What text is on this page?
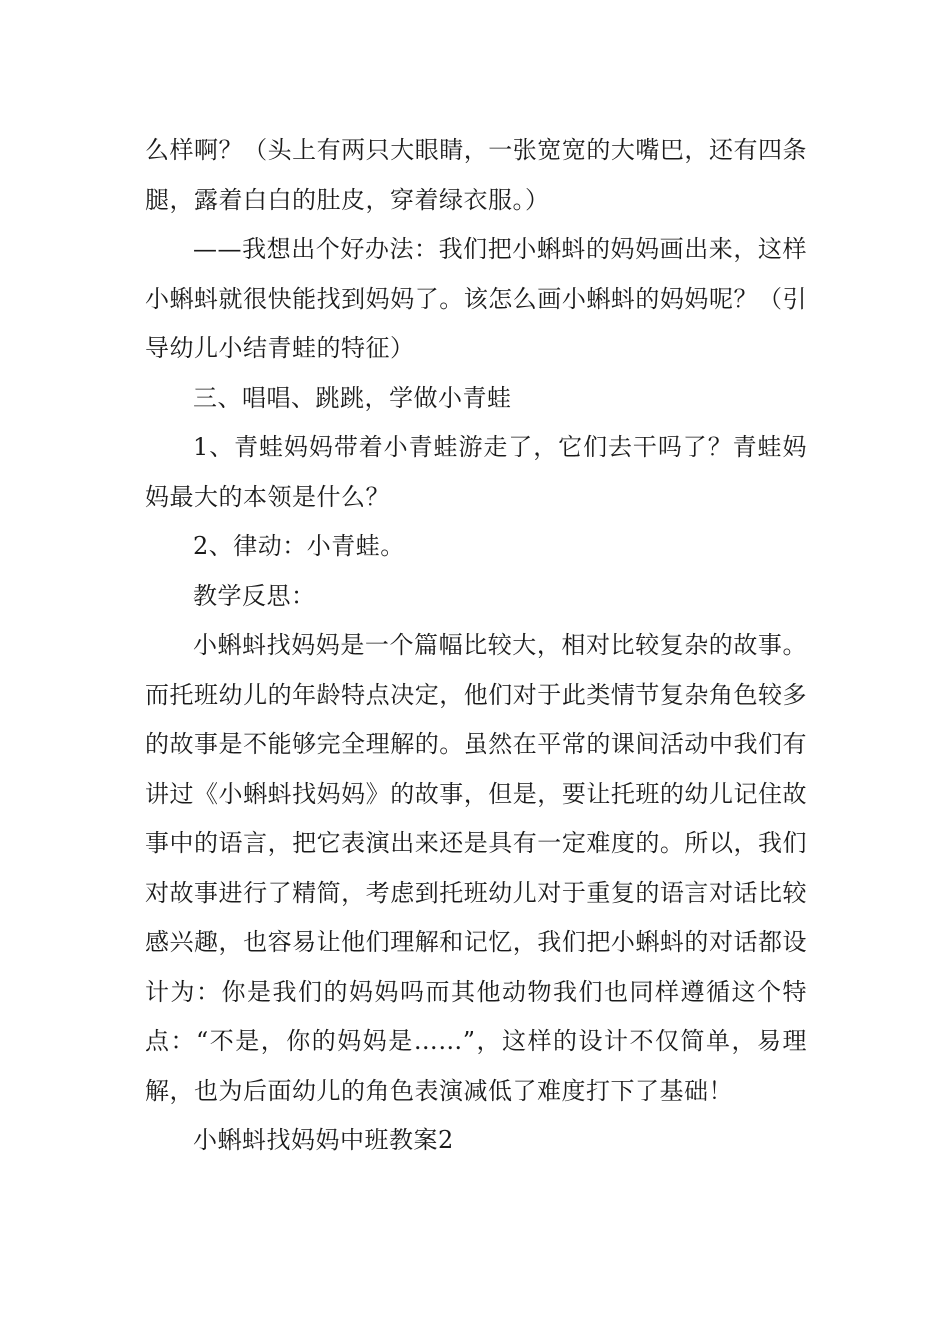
么样啊？（头上有两只大眼睛，一张宽宽的大嘴巴，还有四条腿，露着白白的肚皮，穿着绿衣服。）

——我想出个好办法：我们把小蝌蚪的妈妈画出来，这样小蝌蚪就很快能找到妈妈了。该怎么画小蝌蚪的妈妈呢？（引导幼儿小结青蛙的特征）

三、唱唱、跳跳，学做小青蛙

1、青蛙妈妈带着小青蛙游走了，它们去干吗了？青蛙妈妈最大的本领是什么？

2、律动：小青蛙。

教学反思：

小蝌蚪找妈妈是一个篇幅比较大，相对比较复杂的故事。而托班幼儿的年龄特点决定，他们对于此类情节复杂角色较多的故事是不能够完全理解的。虽然在平常的课间活动中我们有讲过《小蝌蚪找妈妈》的故事，但是，要让托班的幼儿记住故事中的语言，把它表演出来还是具有一定难度的。所以，我们对故事进行了精简，考虑到托班幼儿对于重复的语言对话比较感兴趣，也容易让他们理解和记忆，我们把小蝌蚪的对话都设计为：你是我们的妈妈吗而其他动物我们也同样遵循这个特点：“不是，你的妈妈是……”，这样的设计不仅简单，易理解，也为后面幼儿的角色表演减低了难度打下了基础！

小蝌蚪找妈妈中班教案2
